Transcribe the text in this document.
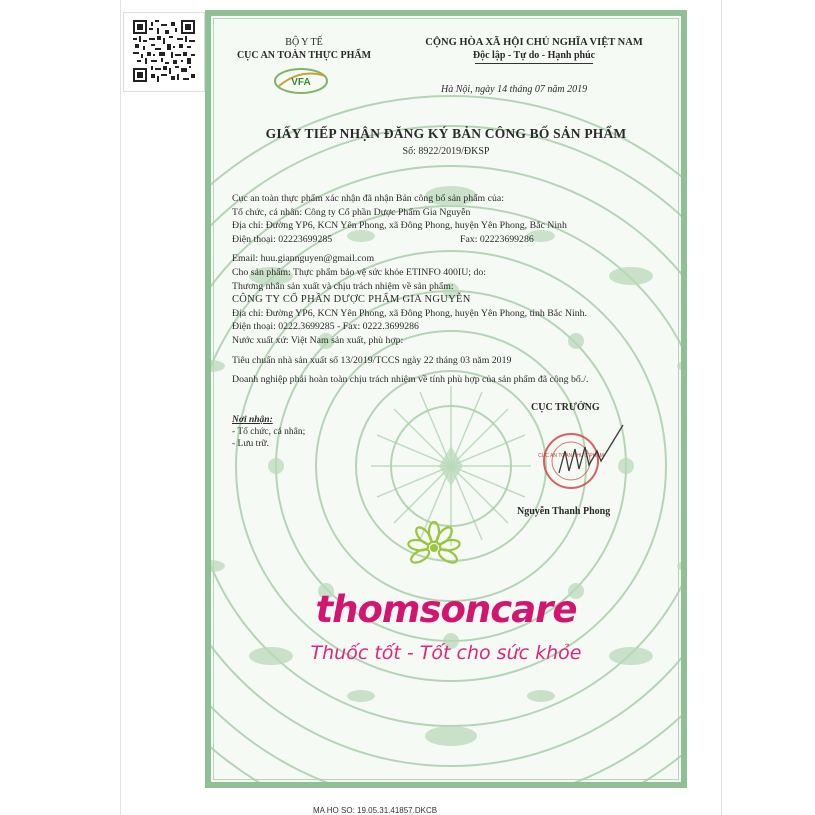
BỘ Y TẾ
CỤC AN TOÀN THỰC PHẨM
VFA
CỘNG HÒA XÃ HỘI CHỦ NGHĨA VIỆT NAM
Độc lập - Tự do - Hạnh phúc
Hà Nội, ngày 14 tháng 07 năm 2019
GIẤY TIẾP NHẬN ĐĂNG KÝ BẢN CÔNG BỐ SẢN PHẨM
Số: 8922/2019/ĐKSP
Cục an toàn thực phẩm xác nhận đã nhận Bản công bố sản phẩm của:
Tổ chức, cá nhân: Công ty Cổ phần Dược Phẩm Gia Nguyễn
Địa chỉ: Đường YP6, KCN Yên Phong, xã Đông Phong, huyện Yên Phong, Bắc Ninh
Điện thoại: 02223699285	Fax: 02223699286
Email: huu.giannguyen@gmail.com
Cho sản phẩm: Thực phẩm bảo vệ sức khỏe ETINFO 400IU; do:
Thương nhân sản xuất và chịu trách nhiệm về sản phẩm:
CÔNG TY CỔ PHẦN DƯỢC PHẨM GIA NGUYỄN
Địa chỉ: Đường YP6, KCN Yên Phong, xã Đông Phong, huyện Yên Phong, tỉnh Bắc Ninh.
Điện thoại: 0222.3699285 - Fax: 0222.3699286
Nước xuất xứ: Việt Nam sản xuất, phù hợp:
Tiêu chuẩn nhà sản xuất số 13/2019/TCCS ngày 22 tháng 03 năm 2019
Doanh nghiệp phải hoàn toàn chịu trách nhiệm về tính phù hợp của sản phẩm đã công bố./.
Nơi nhận:
- Tổ chức, cá nhân;
- Lưu trữ.
CỤC TRƯỞNG
CỤC AN TOÀN THỰC PHẨM
Nguyễn Thanh Phong
thomsoncare
Thuốc tốt - Tốt cho sức khỏe
MA HO SO: 19.05.31.41857.DKCB
